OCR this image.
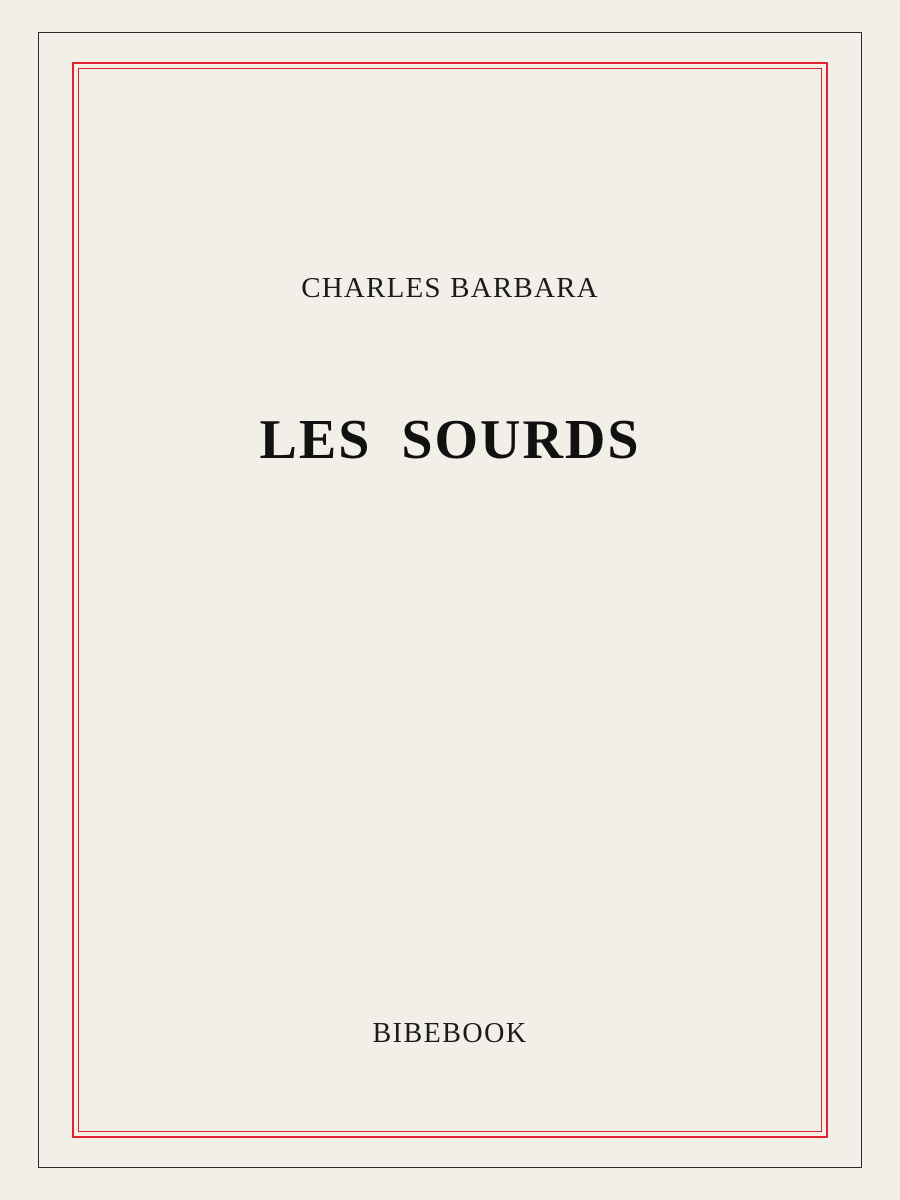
CHARLES BARBARA
LES SOURDS
BIBEBOOK
